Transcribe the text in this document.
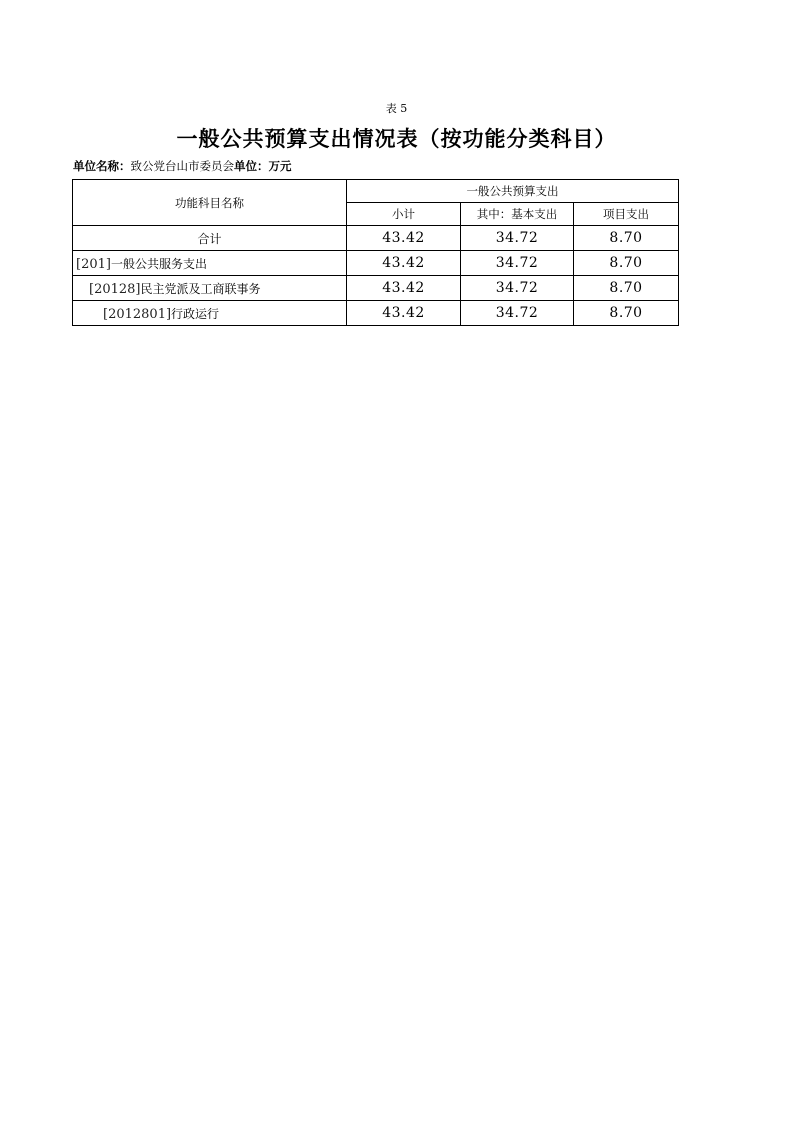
表 5
一般公共预算支出情况表（按功能分类科目）
单位名称：致公党台山市委员会单位：万元
功能科目名称	一般公共预算支出		
	小计	其中：基本支出	项目支出
合计	43.42	34.72	8.70
[201]一般公共服务支出	43.42	34.72	8.70
[20128]民主党派及工商联事务	43.42	34.72	8.70
[2012801]行政运行	43.42	34.72	8.70
